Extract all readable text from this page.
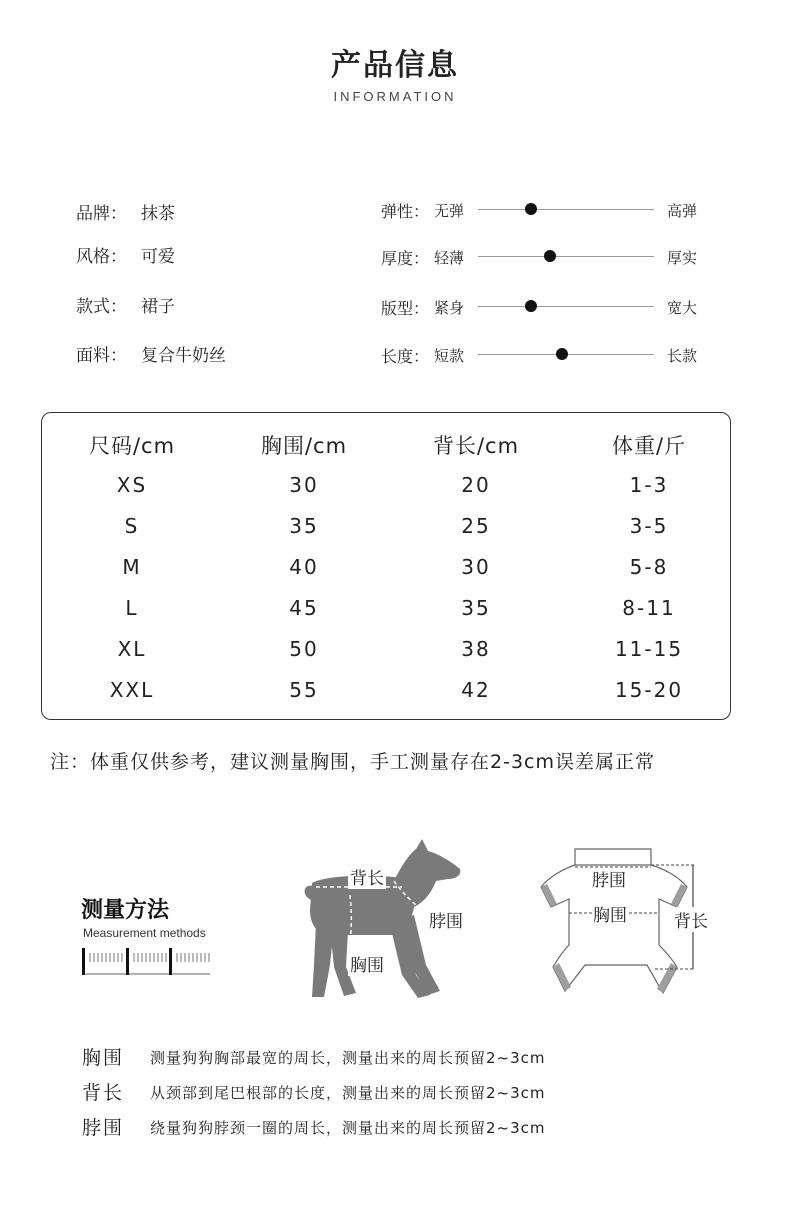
产品信息
INFORMATION
品牌： 抹茶
风格： 可爱
款式： 裙子
面料： 复合牛奶丝
弹性： 无弹	高弹
厚度： 轻薄	厚实
版型： 紧身	宽大
长度： 短款	长款
尺码/cm	胸围/cm	背长/cm	体重/斤
XS	30	20	1-3
S	35	25	3-5
M	40	30	5-8
L	45	35	8-11
XL	50	38	11-15
XXL	55	42	15-20
注：体重仅供参考，建议测量胸围，手工测量存在2-3cm误差属正常
测量方法
Measurement methods
背长
脖围
胸围
脖围
胸围	背长
胸围 测量狗狗胸部最宽的周长，测量出来的周长预留2~3cm
背长 从颈部到尾巴根部的长度，测量出来的周长预留2~3cm
脖围 绕量狗狗脖颈一圈的周长，测量出来的周长预留2~3cm
